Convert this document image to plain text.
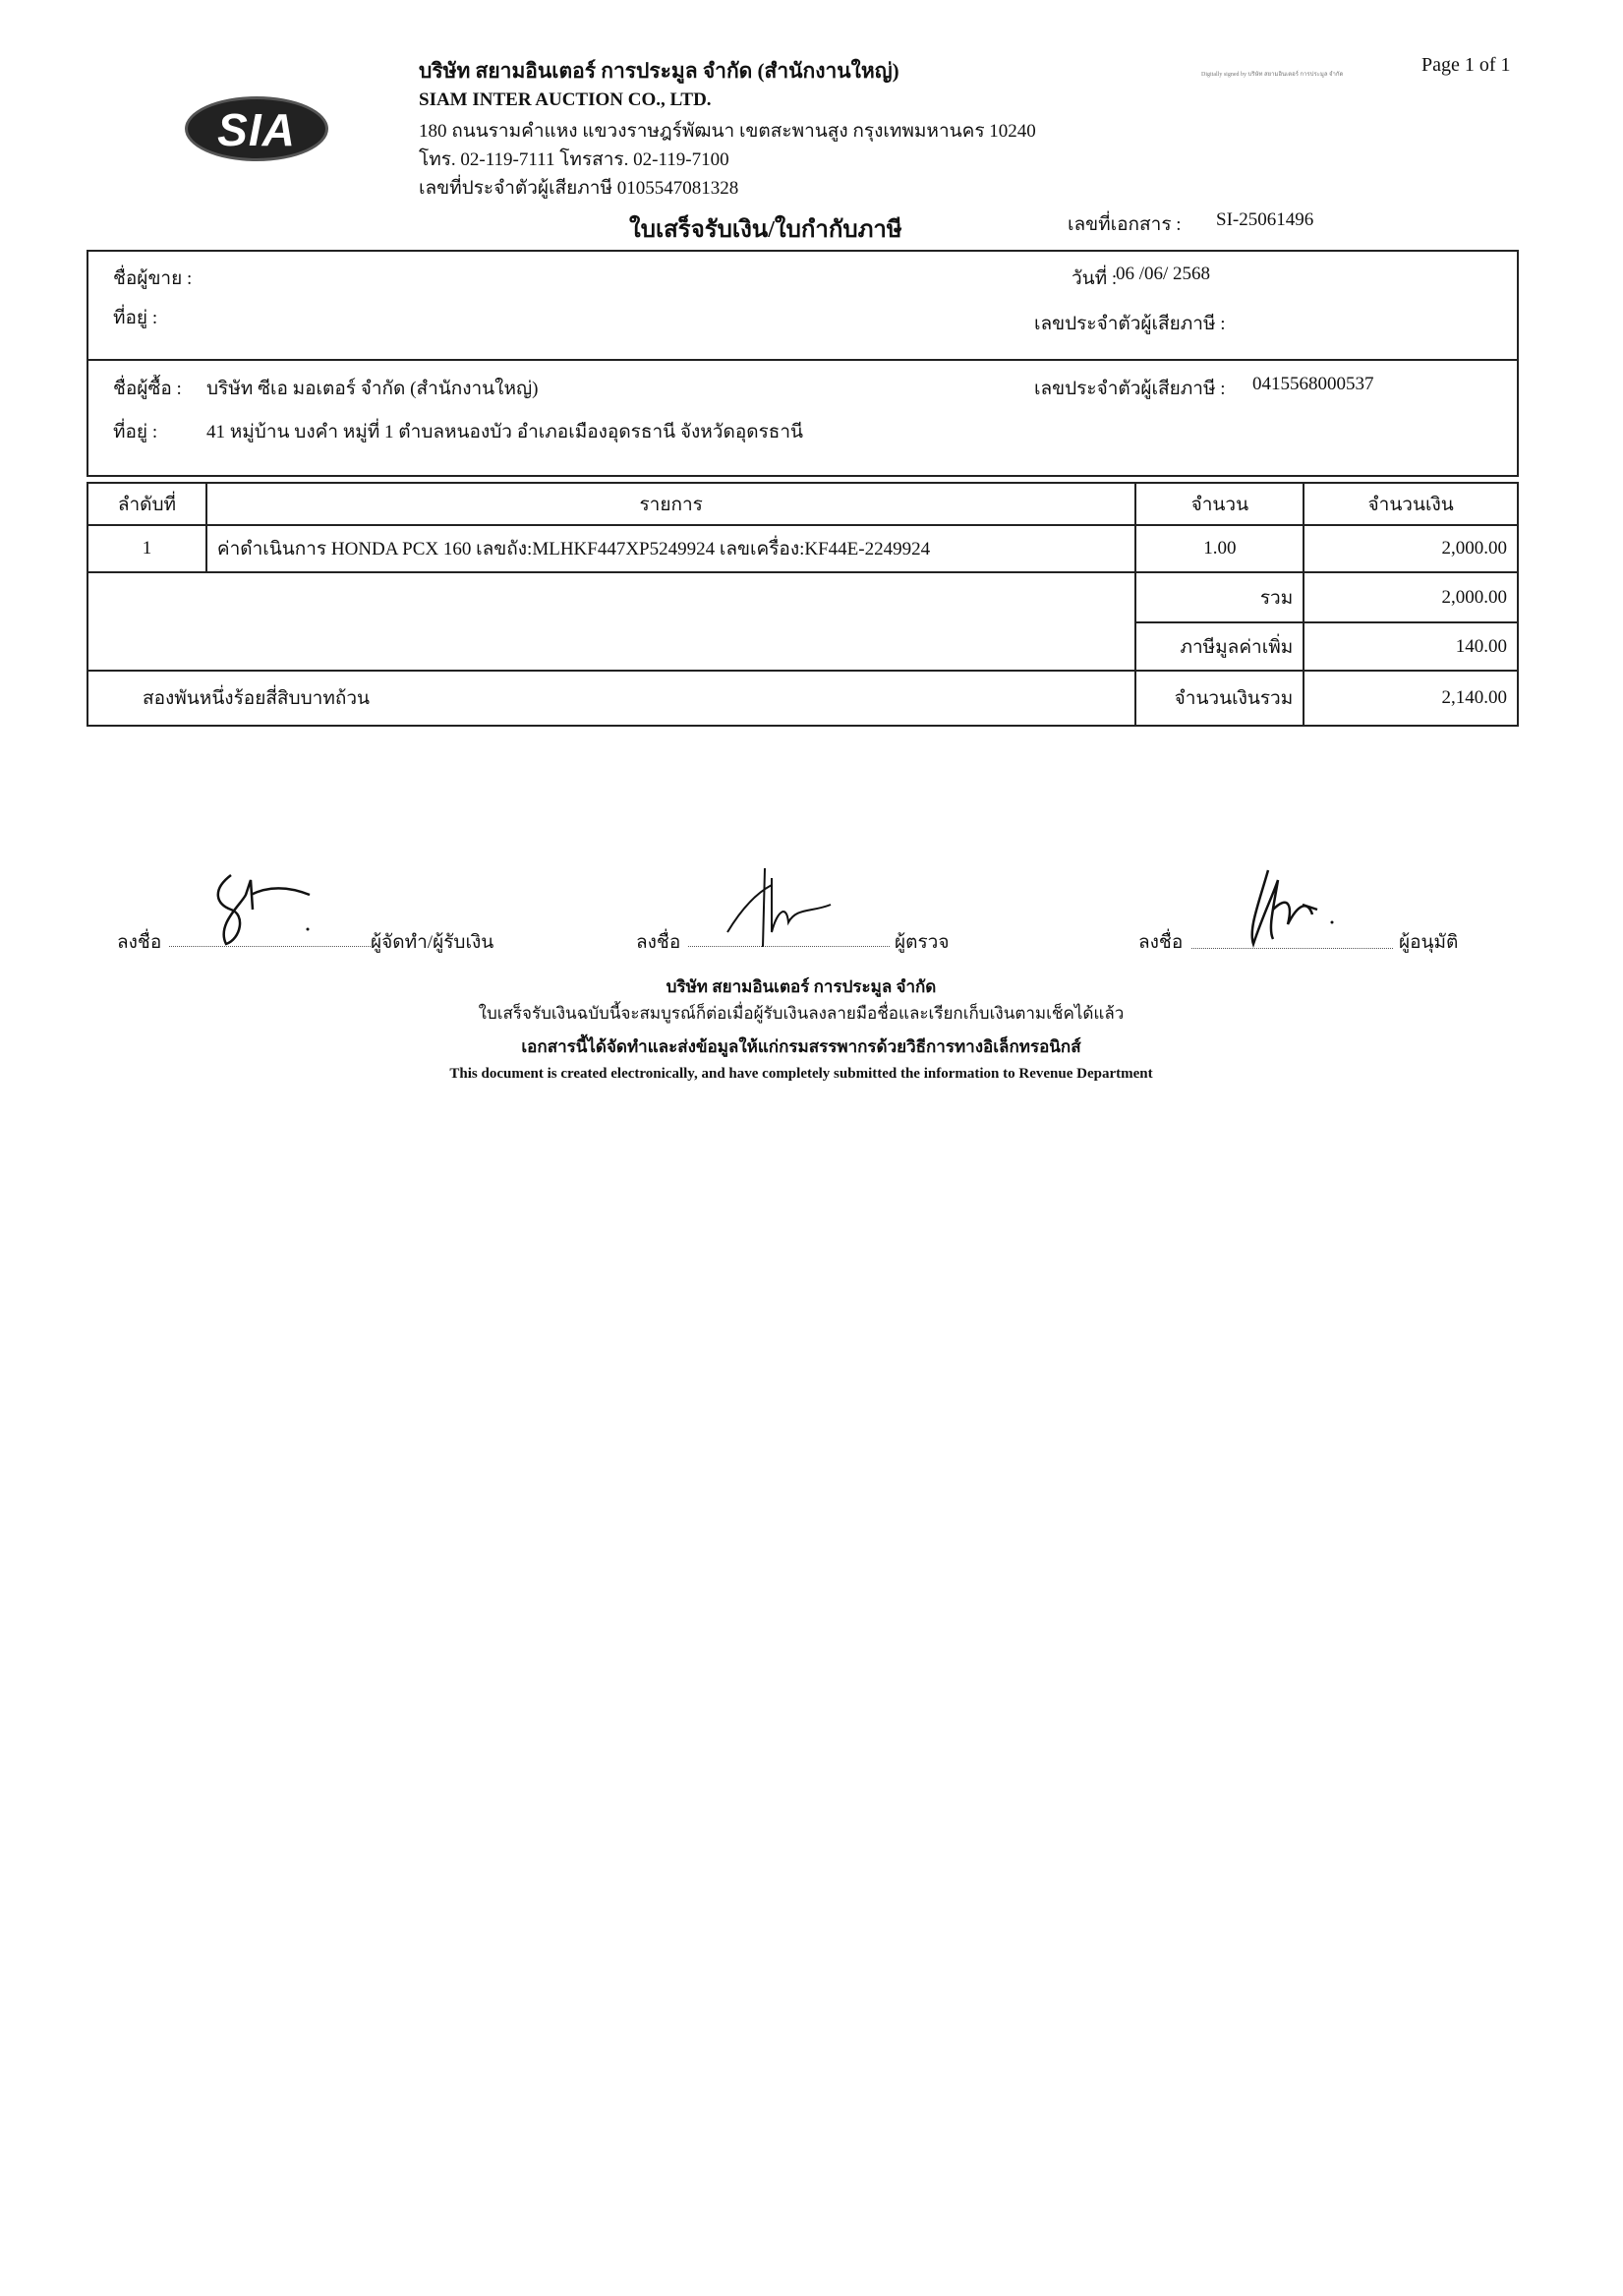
SIA
บริษัท สยามอินเตอร์ การประมูล จำกัด (สำนักงานใหญ่)
SIAM INTER AUCTION CO., LTD.
180 ถนนรามคำแหง แขวงราษฎร์พัฒนา เขตสะพานสูง กรุงเทพมหานคร 10240
โทร. 02-119-7111 โทรสาร. 02-119-7100
เลขที่ประจำตัวผู้เสียภาษี 0105547081328
Digitally signed by บริษัท สยามอินเตอร์ การประมูล จำกัด	Page 1 of 1
ใบเสร็จรับเงิน/ใบกำกับภาษี	เลขที่เอกสาร : SI-25061496
ชื่อผู้ขาย :
ที่อยู่ :
วันที่ :
06 /06/ 2568
เลขประจำตัวผู้เสียภาษี :
ชื่อผู้ซื้อ : บริษัท ซีเอ มอเตอร์ จำกัด (สำนักงานใหญ่)	เลขประจำตัวผู้เสียภาษี : 0415568000537
ที่อยู่ :	41 หมู่บ้าน บงคำ หมู่ที่ 1 ตำบลหนองบัว อำเภอเมืองอุดรธานี จังหวัดอุดรธานี
ลำดับที่	รายการ	จำนวน	จำนวนเงิน
1	ค่าดำเนินการ HONDA PCX 160 เลขถัง:MLHKF447XP5249924 เลขเครื่อง:KF44E-2249924	1.00	2,000.00
		รวม	2,000.00
		ภาษีมูลค่าเพิ่ม	140.00
สองพันหนึ่งร้อยสี่สิบบาทถ้วน		จำนวนเงินรวม	2,140.00
ลงชื่อ	ผู้จัดทำ/ผู้รับเงิน	ลงชื่อ	ผู้ตรวจ	ลงชื่อ	ผู้อนุมัติ
บริษัท สยามอินเตอร์ การประมูล จำกัด
ใบเสร็จรับเงินฉบับนี้จะสมบูรณ์ก็ต่อเมื่อผู้รับเงินลงลายมือชื่อและเรียกเก็บเงินตามเช็คได้แล้ว
เอกสารนี้ได้จัดทำและส่งข้อมูลให้แก่กรมสรรพากรด้วยวิธีการทางอิเล็กทรอนิกส์
This document is created electronically, and have completely submitted the information to Revenue Department
